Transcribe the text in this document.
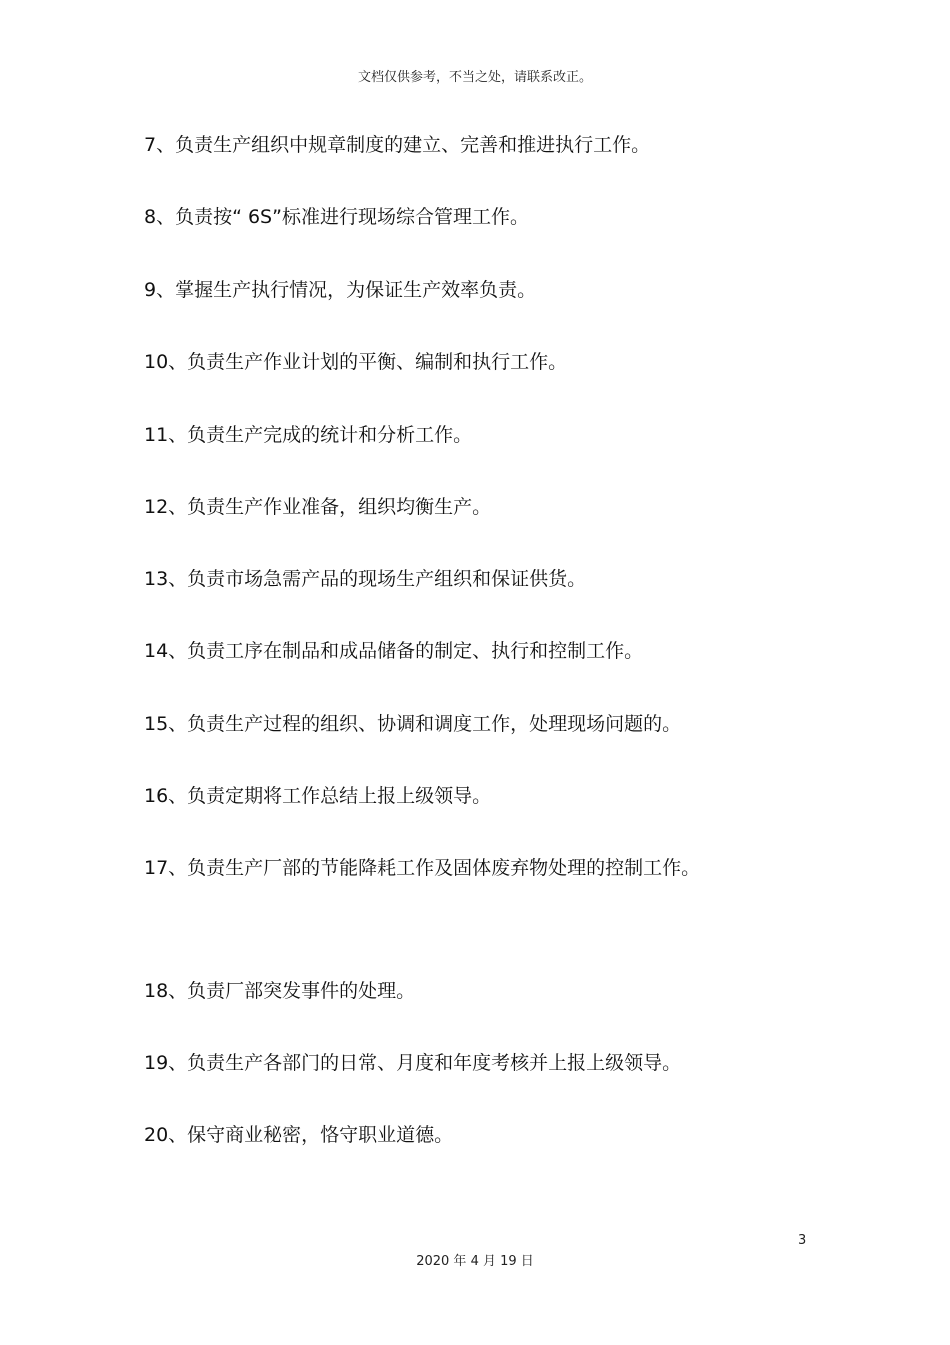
文档仅供参考，不当之处，请联系改正。
7、负责生产组织中规章制度的建立、完善和推进执行工作。
8、负责按“ 6S”标准进行现场综合管理工作。
9、掌握生产执行情况，为保证生产效率负责。
10、负责生产作业计划的平衡、编制和执行工作。
11、负责生产完成的统计和分析工作。
12、负责生产作业准备，组织均衡生产。
13、负责市场急需产品的现场生产组织和保证供货。
14、负责工序在制品和成品储备的制定、执行和控制工作。
15、负责生产过程的组织、协调和调度工作，处理现场问题的。
16、负责定期将工作总结上报上级领导。
17、负责生产厂部的节能降耗工作及固体废弃物处理的控制工作。
18、负责厂部突发事件的处理。
19、负责生产各部门的日常、月度和年度考核并上报上级领导。
20、保守商业秘密，恪守职业道德。
3
2020 年 4 月 19 日
